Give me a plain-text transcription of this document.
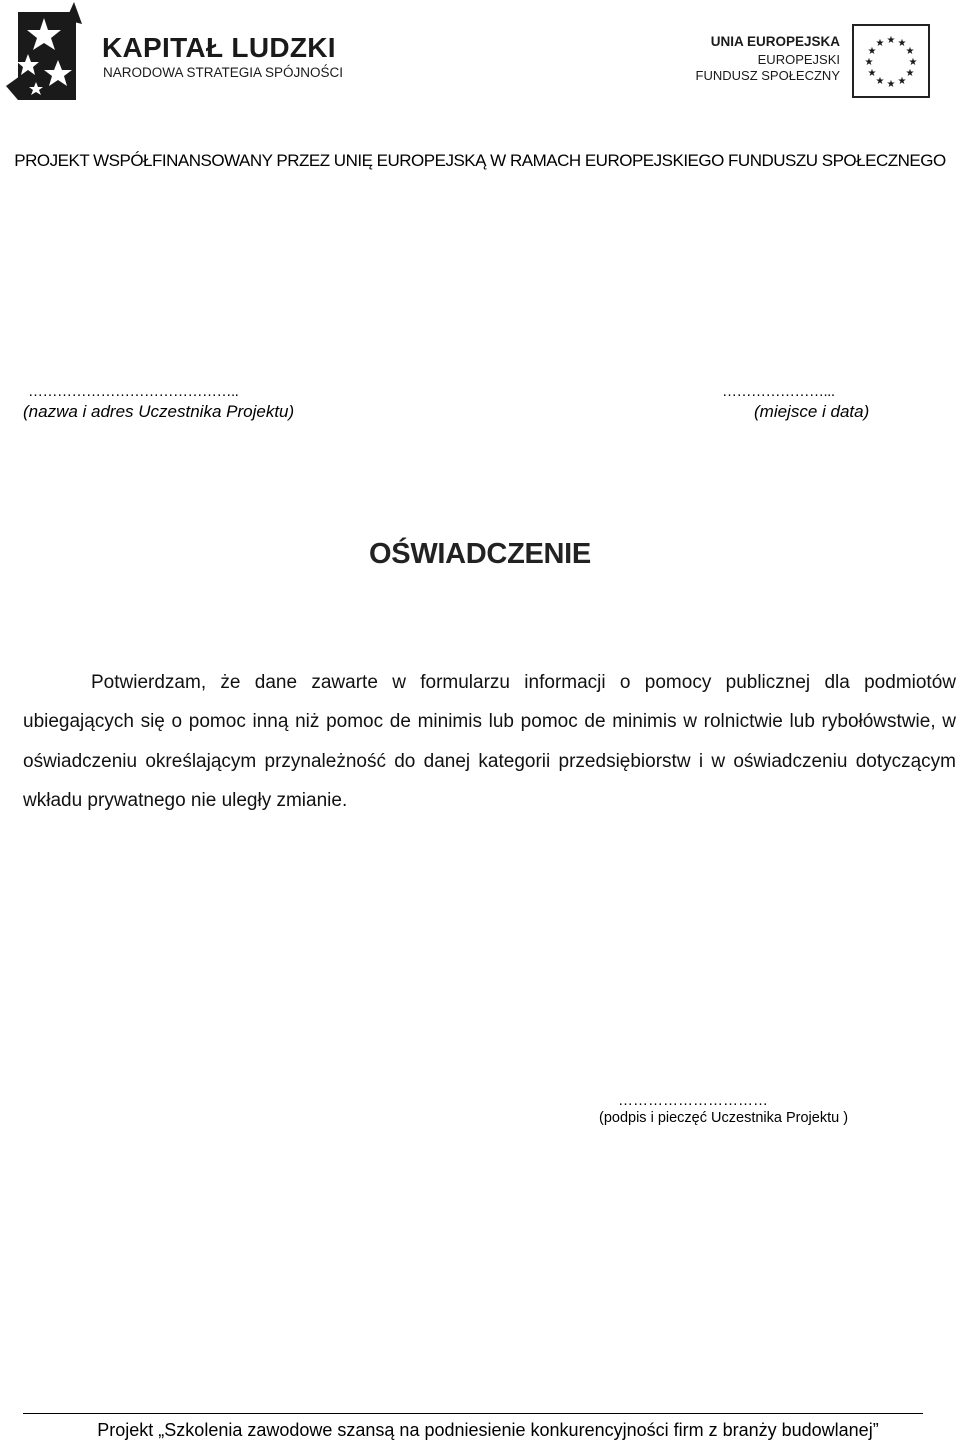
KAPITAŁ LUDZKI
NARODOWA STRATEGIA SPÓJNOŚCI
UNIA EUROPEJSKA
EUROPEJSKI
FUNDUSZ SPOŁECZNY
★ ★
★
★
★
★
★
★
★
★
★
★
PROJEKT WSPÓŁFINANSOWANY PRZEZ UNIĘ EUROPEJSKĄ W RAMACH EUROPEJSKIEGO FUNDUSZU SPOŁECZNEGO
……………………………………..
(nazwa i adres Uczestnika Projektu)
…………………...
(miejsce i data)
OŚWIADCZENIE

Potwierdzam, że dane zawarte w formularzu informacji o pomocy publicznej dla podmiotów ubiegających się o pomoc inną niż pomoc de minimis lub pomoc de minimis w rolnictwie lub rybołówstwie, w oświadczeniu określającym przynależność do danej kategorii przedsiębiorstw i w oświadczeniu dotyczącym wkładu prywatnego nie uległy zmianie.

…………………………
(podpis i pieczęć Uczestnika Projektu )
Projekt „Szkolenia zawodowe szansą na podniesienie konkurencyjności firm z branży budowlanej”
